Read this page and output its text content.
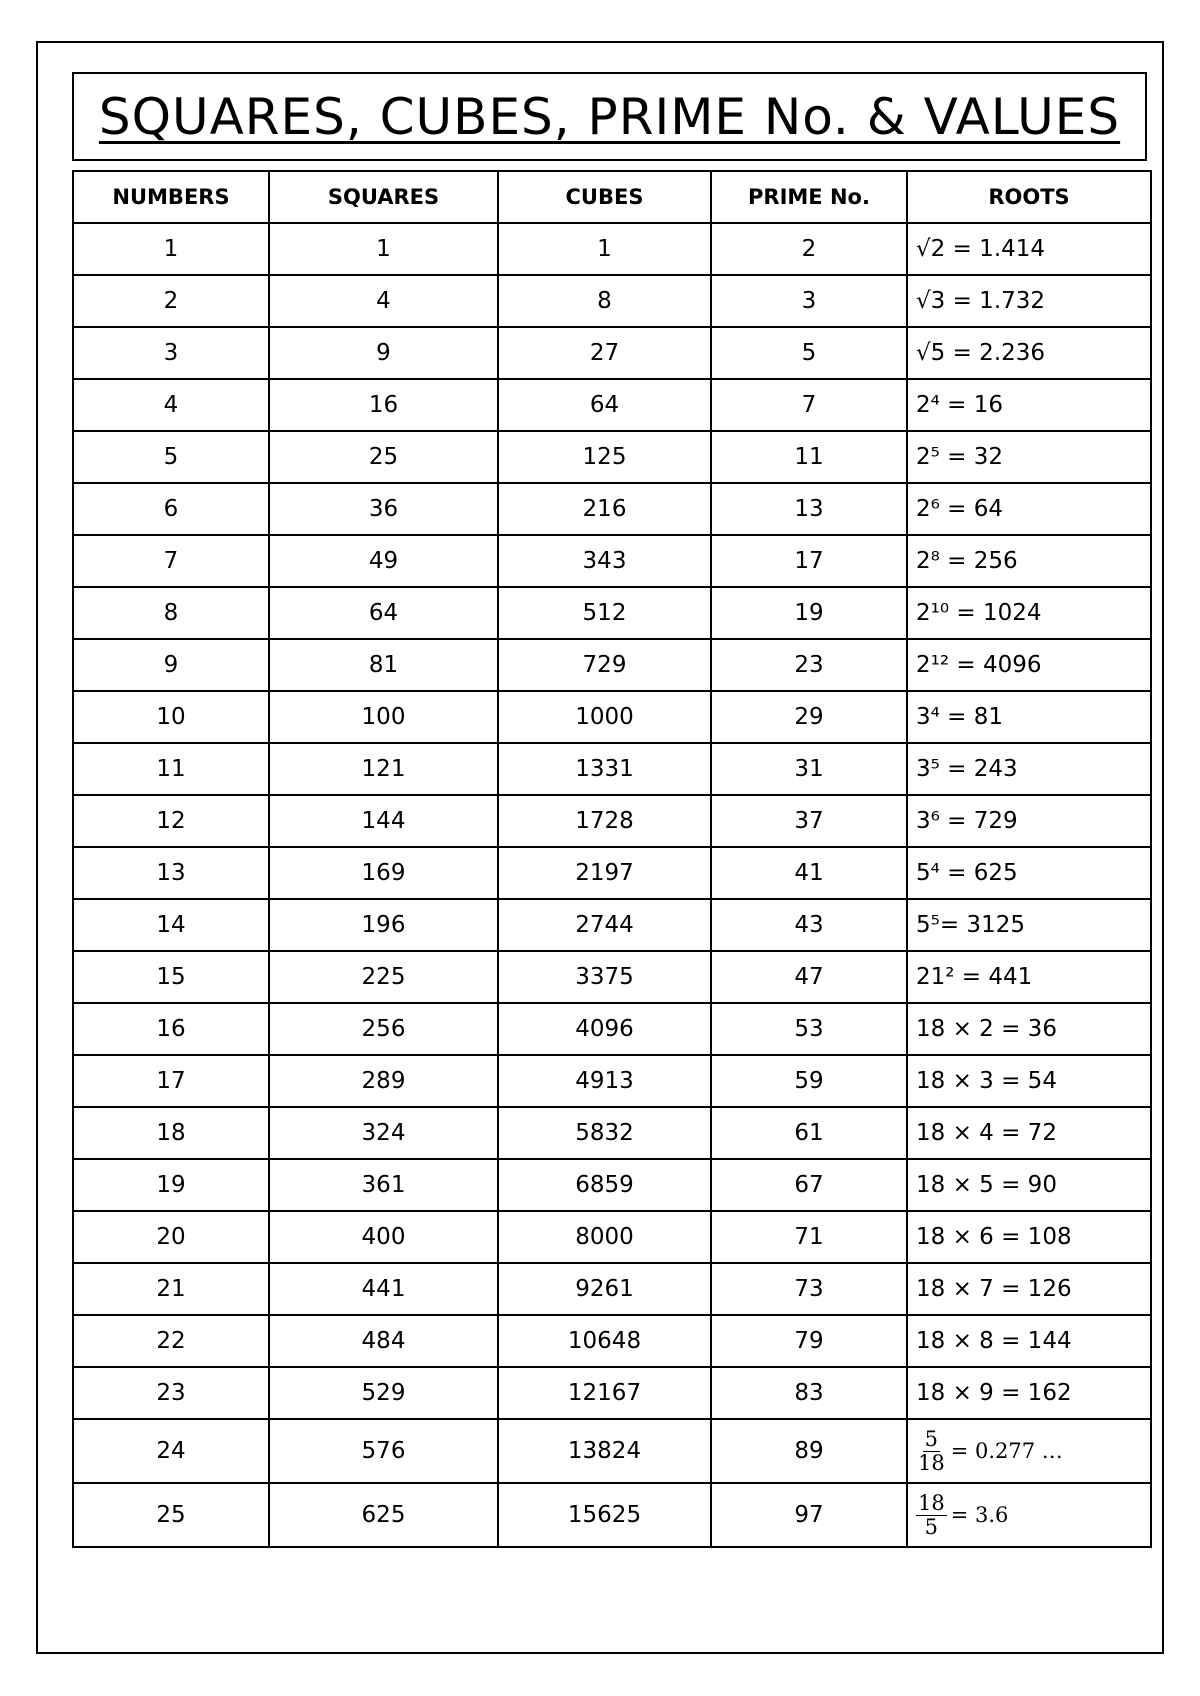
SQUARES, CUBES, PRIME No. & VALUES
NUMBERS	SQUARES	CUBES	PRIME No.	ROOTS
1	1	1	2	√2 = 1.414
2	4	8	3	√3 = 1.732
3	9	27	5	√5 = 2.236
4	16	64	7	2⁴ = 16
5	25	125	11	2⁵ = 32
6	36	216	13	2⁶ = 64
7	49	343	17	2⁸ = 256
8	64	512	19	2¹⁰ = 1024
9	81	729	23	2¹² = 4096
10	100	1000	29	3⁴ = 81
11	121	1331	31	3⁵ = 243
12	144	1728	37	3⁶ = 729
13	169	2197	41	5⁴ = 625
14	196	2744	43	5⁵= 3125
15	225	3375	47	21² = 441
16	256	4096	53	18 × 2 = 36
17	289	4913	59	18 × 3 = 54
18	324	5832	61	18 × 4 = 72
19	361	6859	67	18 × 5 = 90
20	400	8000	71	18 × 6 = 108
21	441	9261	73	18 × 7 = 126
22	484	10648	79	18 × 8 = 144
23	529	12167	83	18 × 9 = 162
24	576	13824	89	$\frac{5}{18} = 0.277$ …
25	625	15625	97	$\frac{18}{5} = 3.6$
